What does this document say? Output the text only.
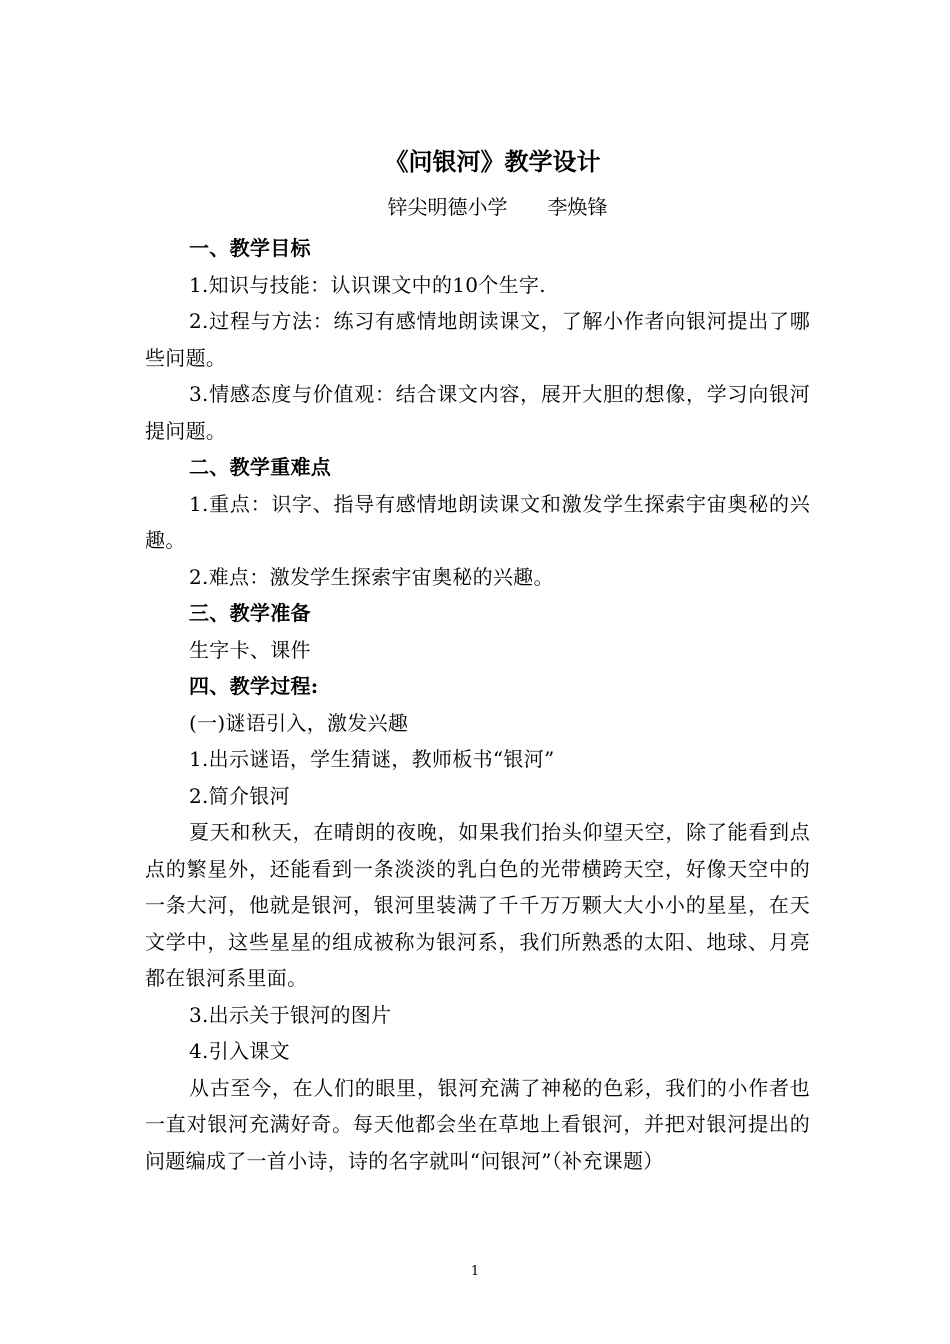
《问银河》教学设计

锌尖明德小学　　李焕锋

一、教学目标

1.知识与技能：认识课文中的10个生字.

2.过程与方法：练习有感情地朗读课文，了解小作者向银河提出了哪些问题。

3.情感态度与价值观：结合课文内容，展开大胆的想像，学习向银河提问题。

二、教学重难点

1.重点：识字、指导有感情地朗读课文和激发学生探索宇宙奥秘的兴趣。

2.难点：激发学生探索宇宙奥秘的兴趣。

三、教学准备

生字卡、课件

四、教学过程:

(一)谜语引入，激发兴趣

1.出示谜语，学生猜谜，教师板书“银河”

2.简介银河

夏天和秋天，在晴朗的夜晚，如果我们抬头仰望天空，除了能看到点点的繁星外，还能看到一条淡淡的乳白色的光带横跨天空，好像天空中的一条大河，他就是银河，银河里装满了千千万万颗大大小小的星星，在天文学中，这些星星的组成被称为银河系，我们所熟悉的太阳、地球、月亮都在银河系里面。

3.出示关于银河的图片

4.引入课文

从古至今，在人们的眼里，银河充满了神秘的色彩，我们的小作者也一直对银河充满好奇。每天他都会坐在草地上看银河，并把对银河提出的问题编成了一首小诗，诗的名字就叫“问银河”（补充课题）

1
